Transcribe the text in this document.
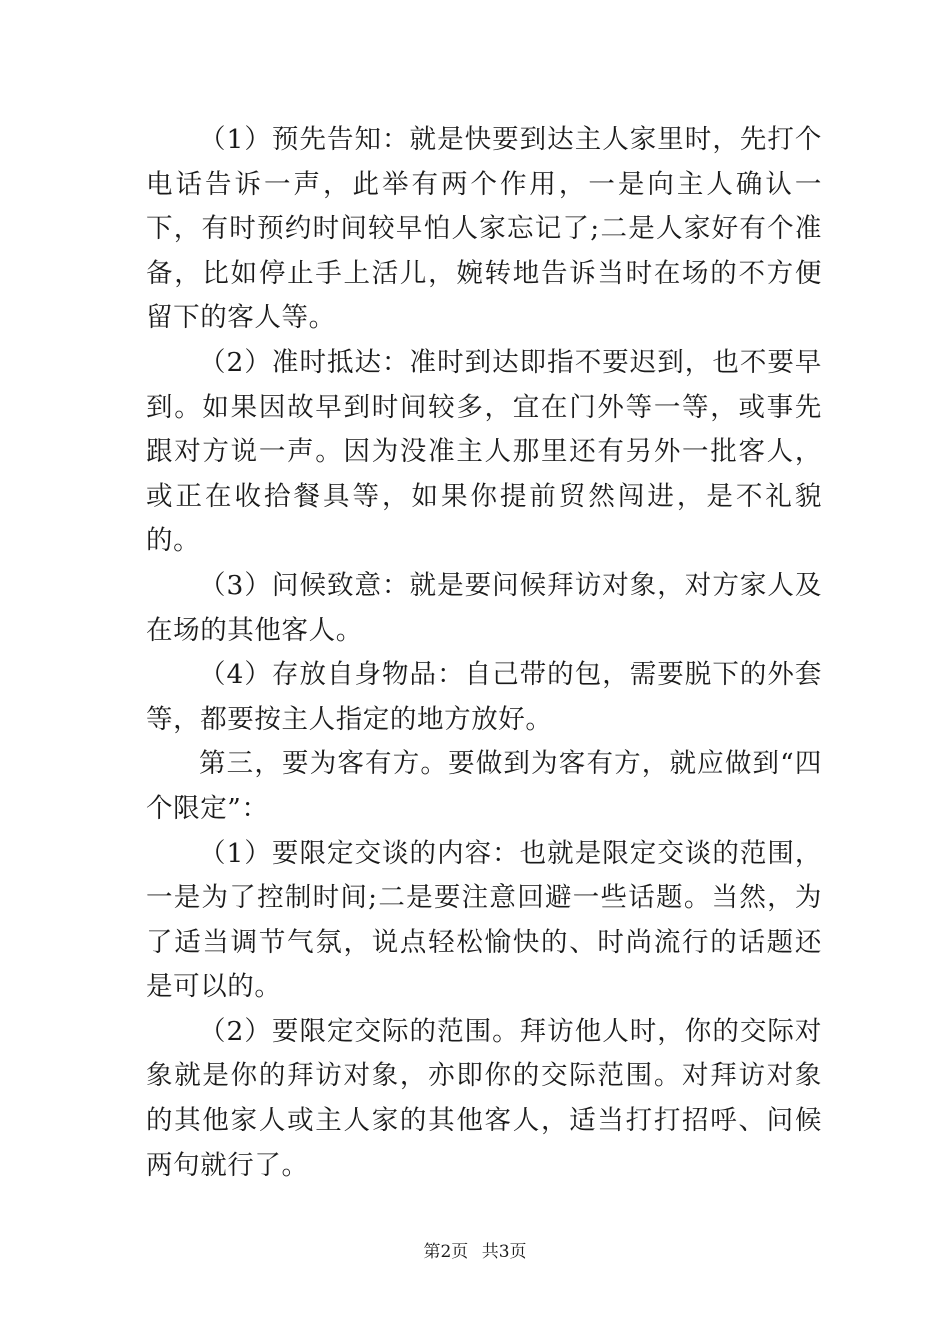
（1）预先告知：就是快要到达主人家里时，先打个电话告诉一声，此举有两个作用，一是向主人确认一下，有时预约时间较早怕人家忘记了;二是人家好有个准备，比如停止手上活儿，婉转地告诉当时在场的不方便留下的客人等。

（2）准时抵达：准时到达即指不要迟到，也不要早到。如果因故早到时间较多，宜在门外等一等，或事先跟对方说一声。因为没准主人那里还有另外一批客人，或正在收拾餐具等，如果你提前贸然闯进，是不礼貌的。

（3）问候致意：就是要问候拜访对象，对方家人及在场的其他客人。

（4）存放自身物品：自己带的包，需要脱下的外套等，都要按主人指定的地方放好。

第三，要为客有方。要做到为客有方，就应做到“四个限定”：

（1）要限定交谈的内容：也就是限定交谈的范围，一是为了控制时间;二是要注意回避一些话题。当然，为了适当调节气氛，说点轻松愉快的、时尚流行的话题还是可以的。

（2）要限定交际的范围。拜访他人时，你的交际对象就是你的拜访对象，亦即你的交际范围。对拜访对象的其他家人或主人家的其他客人，适当打打招呼、问候两句就行了。

第2页 共3页
